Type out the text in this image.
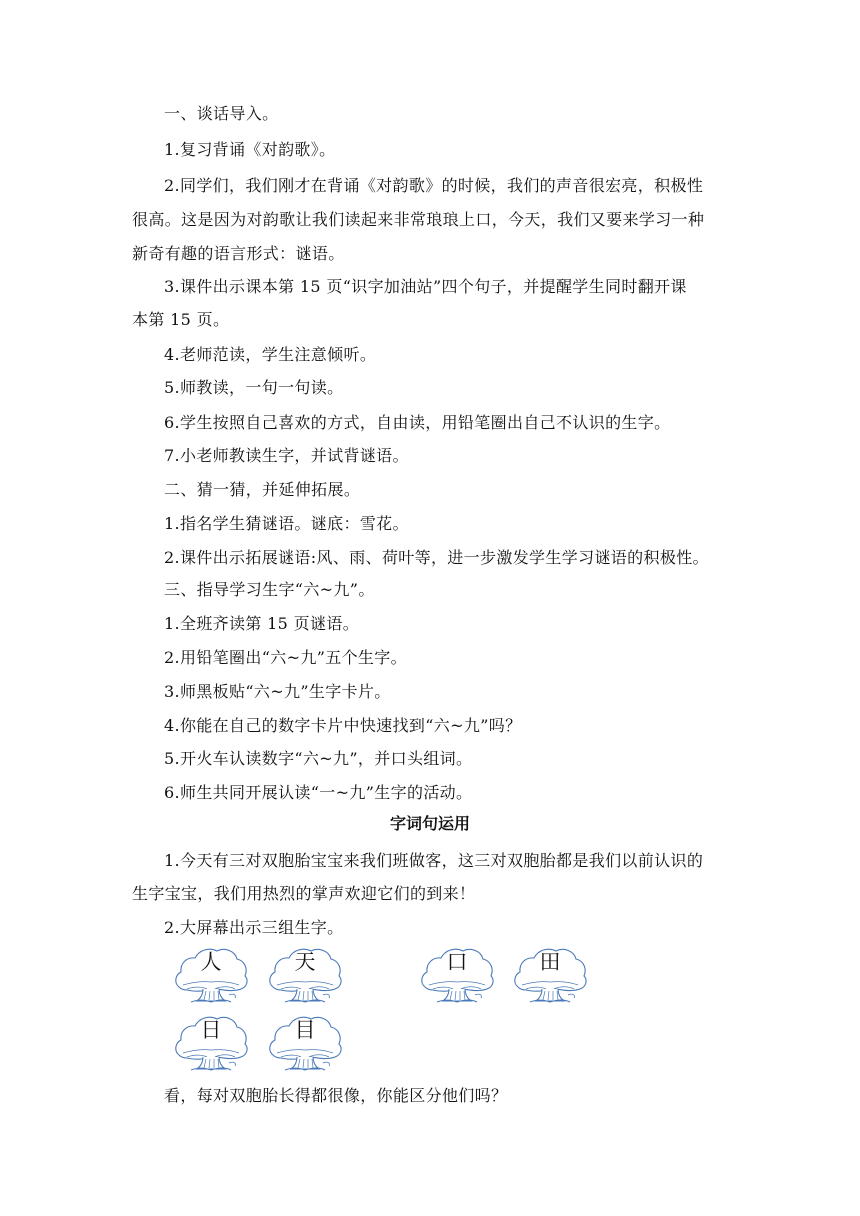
一、谈话导入。
1.复习背诵《对韵歌》。
2.同学们，我们刚才在背诵《对韵歌》的时候，我们的声音很宏亮，积极性
很高。这是因为对韵歌让我们读起来非常琅琅上口，今天，我们又要来学习一种
新奇有趣的语言形式：谜语。
3.课件出示课本第 15 页“识字加油站”四个句子，并提醒学生同时翻开课
本第 15 页。
4.老师范读，学生注意倾听。
5.师教读，一句一句读。
6.学生按照自己喜欢的方式，自由读，用铅笔圈出自己不认识的生字。
7.小老师教读生字，并试背谜语。
二、猜一猜，并延伸拓展。
1.指名学生猜谜语。谜底：雪花。
2.课件出示拓展谜语:风、雨、荷叶等，进一步激发学生学习谜语的积极性。
三、指导学习生字“六~九”。
1.全班齐读第 15 页谜语。
2.用铅笔圈出“六~九”五个生字。
3.师黑板贴“六~九”生字卡片。
4.你能在自己的数字卡片中快速找到“六~九”吗？
5.开火车认读数字“六~九”，并口头组词。
6.师生共同开展认读“一~九”生字的活动。
字词句运用
1.今天有三对双胞胎宝宝来我们班做客，这三对双胞胎都是我们以前认识的
生字宝宝，我们用热烈的掌声欢迎它们的到来！
2.大屏幕出示三组生字。
人	天	口	田
日	目
看，每对双胞胎长得都很像，你能区分他们吗？
